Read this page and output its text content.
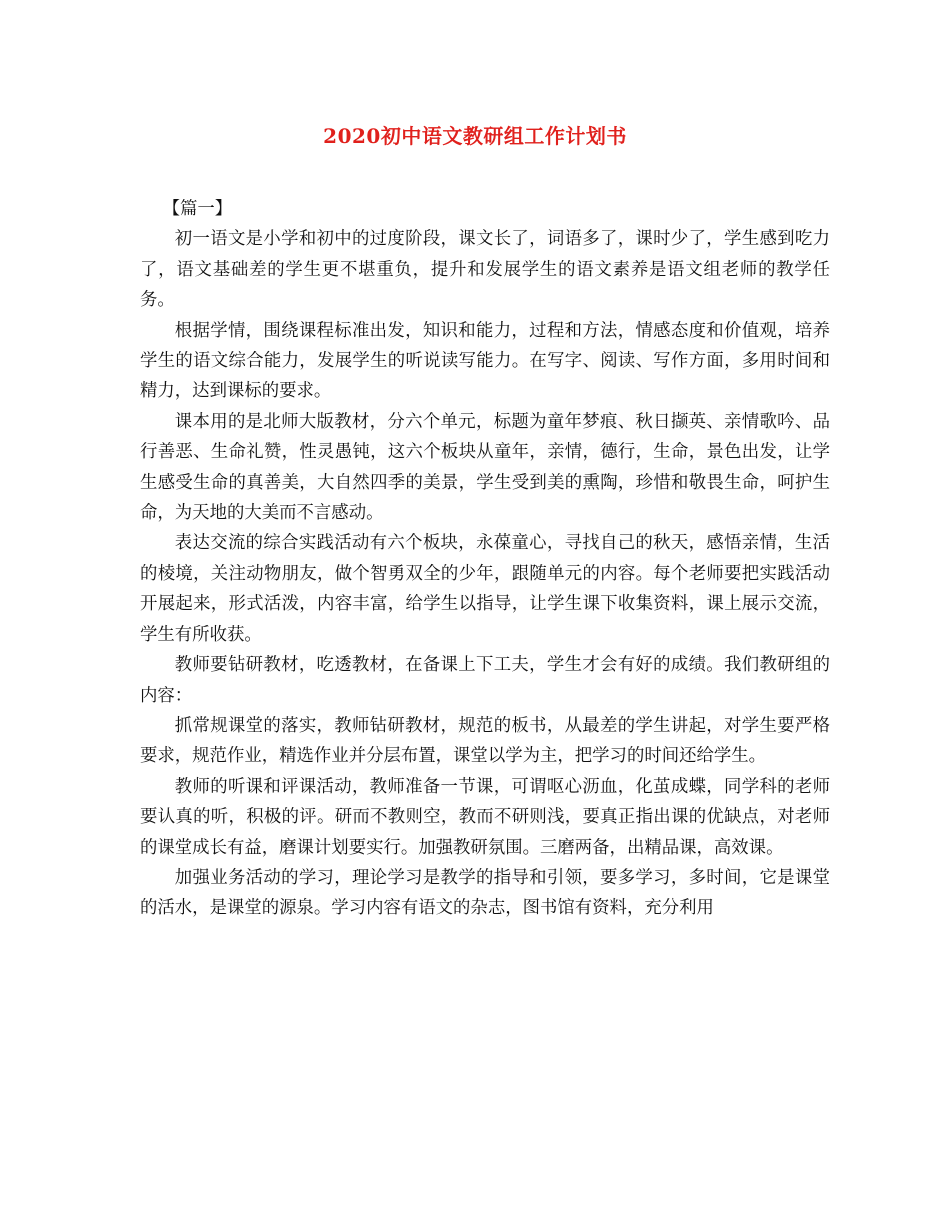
2020初中语文教研组工作计划书

【篇一】

初一语文是小学和初中的过度阶段，课文长了，词语多了，课时少了，学生感到吃力了，语文基础差的学生更不堪重负，提升和发展学生的语文素养是语文组老师的教学任务。

根据学情，围绕课程标准出发，知识和能力，过程和方法，情感态度和价值观，培养学生的语文综合能力，发展学生的听说读写能力。在写字、阅读、写作方面，多用时间和精力，达到课标的要求。

课本用的是北师大版教材，分六个单元，标题为童年梦痕、秋日撷英、亲情歌吟、品行善恶、生命礼赞，性灵愚钝，这六个板块从童年，亲情，德行，生命，景色出发，让学生感受生命的真善美，大自然四季的美景，学生受到美的熏陶，珍惜和敬畏生命，呵护生命，为天地的大美而不言感动。

表达交流的综合实践活动有六个板块，永葆童心，寻找自己的秋天，感悟亲情，生活的棱境，关注动物朋友，做个智勇双全的少年，跟随单元的内容。每个老师要把实践活动开展起来，形式活泼，内容丰富，给学生以指导，让学生课下收集资料，课上展示交流，学生有所收获。

教师要钻研教材，吃透教材，在备课上下工夫，学生才会有好的成绩。我们教研组的内容：

抓常规课堂的落实，教师钻研教材，规范的板书，从最差的学生讲起，对学生要严格要求，规范作业，精选作业并分层布置，课堂以学为主，把学习的时间还给学生。

教师的听课和评课活动，教师准备一节课，可谓呕心沥血，化茧成蝶，同学科的老师要认真的听，积极的评。研而不教则空，教而不研则浅，要真正指出课的优缺点，对老师的课堂成长有益，磨课计划要实行。加强教研氛围。三磨两备，出精品课，高效课。

加强业务活动的学习，理论学习是教学的指导和引领，要多学习，多时间，它是课堂的活水，是课堂的源泉。学习内容有语文的杂志，图书馆有资料，充分利用
